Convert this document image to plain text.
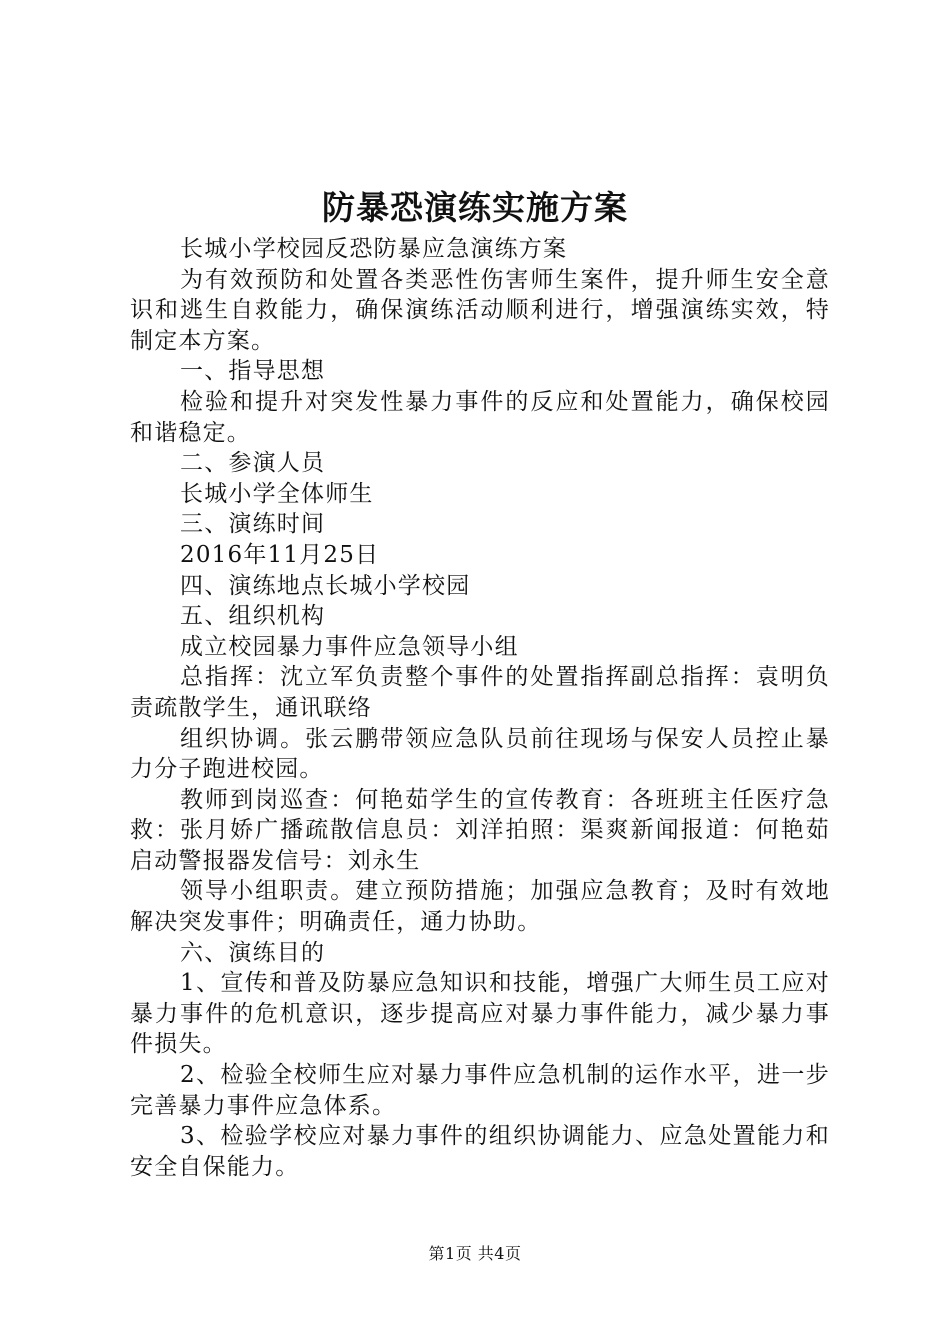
防暴恐演练实施方案

长城小学校园反恐防暴应急演练方案

为有效预防和处置各类恶性伤害师生案件，提升师生安全意识和逃生自救能力，确保演练活动顺利进行，增强演练实效，特制定本方案。

一、指导思想

检验和提升对突发性暴力事件的反应和处置能力，确保校园和谐稳定。

二、参演人员

长城小学全体师生

三、演练时间

2016年11月25日

四、演练地点长城小学校园

五、组织机构

成立校园暴力事件应急领导小组

总指挥：沈立军负责整个事件的处置指挥副总指挥：袁明负责疏散学生，通讯联络

组织协调。张云鹏带领应急队员前往现场与保安人员控止暴力分子跑进校园。

教师到岗巡查：何艳茹学生的宣传教育：各班班主任医疗急救：张月娇广播疏散信息员：刘洋拍照：渠爽新闻报道：何艳茹启动警报器发信号：刘永生

领导小组职责。建立预防措施；加强应急教育；及时有效地解决突发事件；明确责任，通力协助。

六、演练目的

1、宣传和普及防暴应急知识和技能，增强广大师生员工应对暴力事件的危机意识，逐步提高应对暴力事件能力，减少暴力事件损失。

2、检验全校师生应对暴力事件应急机制的运作水平，进一步完善暴力事件应急体系。

3、检验学校应对暴力事件的组织协调能力、应急处置能力和安全自保能力。

第1页 共4页
